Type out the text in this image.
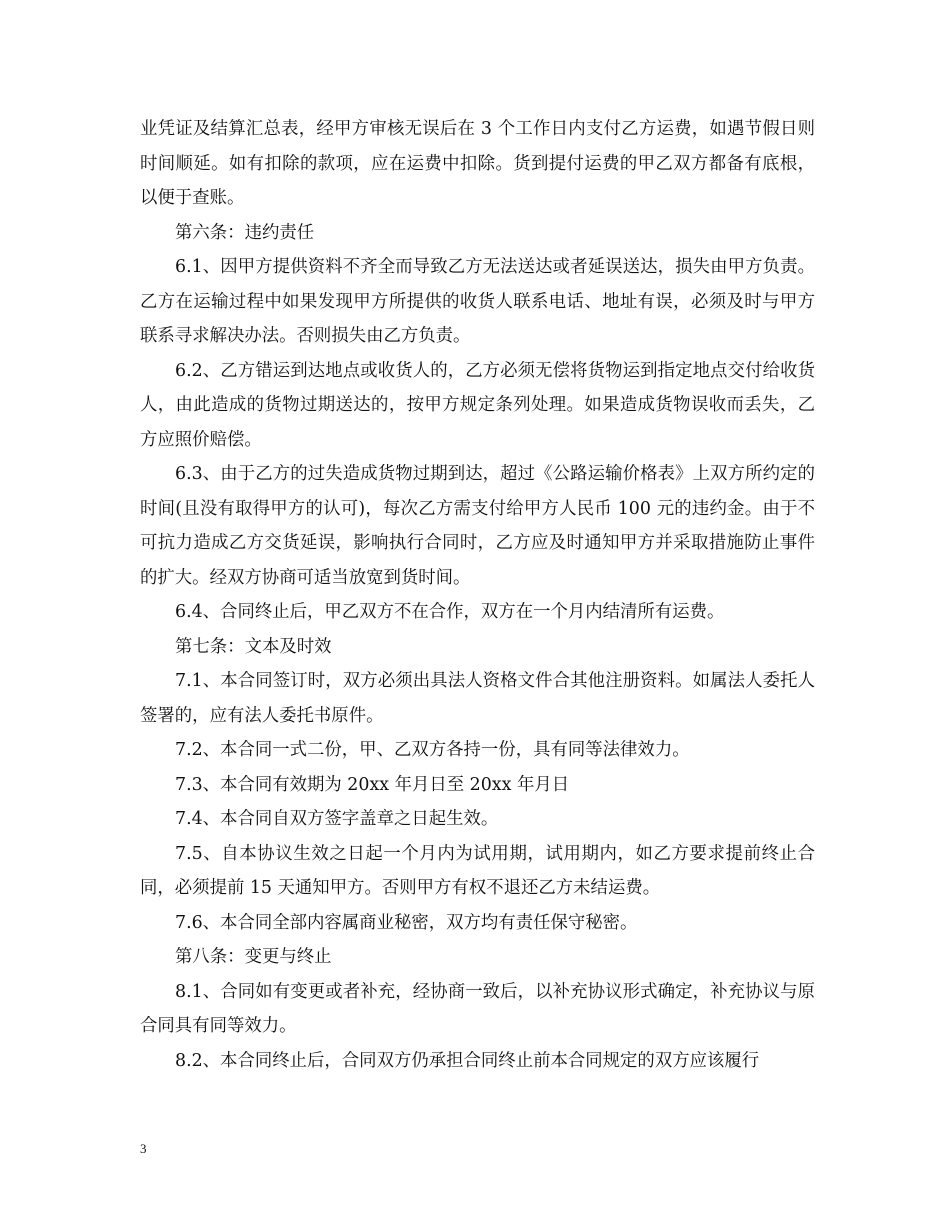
业凭证及结算汇总表，经甲方审核无误后在 3 个工作日内支付乙方运费，如遇节假日则时间顺延。如有扣除的款项，应在运费中扣除。货到提付运费的甲乙双方都备有底根，以便于查账。

第六条：违约责任

6.1、因甲方提供资料不齐全而导致乙方无法送达或者延误送达，损失由甲方负责。乙方在运输过程中如果发现甲方所提供的收货人联系电话、地址有误，必须及时与甲方联系寻求解决办法。否则损失由乙方负责。

6.2、乙方错运到达地点或收货人的，乙方必须无偿将货物运到指定地点交付给收货人，由此造成的货物过期送达的，按甲方规定条列处理。如果造成货物误收而丢失，乙方应照价赔偿。

6.3、由于乙方的过失造成货物过期到达，超过《公路运输价格表》上双方所约定的时间(且没有取得甲方的认可)，每次乙方需支付给甲方人民币 100 元的违约金。由于不可抗力造成乙方交货延误，影响执行合同时，乙方应及时通知甲方并采取措施防止事件的扩大。经双方协商可适当放宽到货时间。

6.4、合同终止后，甲乙双方不在合作，双方在一个月内结清所有运费。

第七条：文本及时效

7.1、本合同签订时，双方必须出具法人资格文件合其他注册资料。如属法人委托人签署的，应有法人委托书原件。

7.2、本合同一式二份，甲、乙双方各持一份，具有同等法律效力。

7.3、本合同有效期为 20xx 年月日至 20xx 年月日

7.4、本合同自双方签字盖章之日起生效。

7.5、自本协议生效之日起一个月内为试用期，试用期内，如乙方要求提前终止合同，必须提前 15 天通知甲方。否则甲方有权不退还乙方未结运费。

7.6、本合同全部内容属商业秘密，双方均有责任保守秘密。

第八条：变更与终止

8.1、合同如有变更或者补充，经协商一致后，以补充协议形式确定，补充协议与原合同具有同等效力。

8.2、本合同终止后，合同双方仍承担合同终止前本合同规定的双方应该履行

3
